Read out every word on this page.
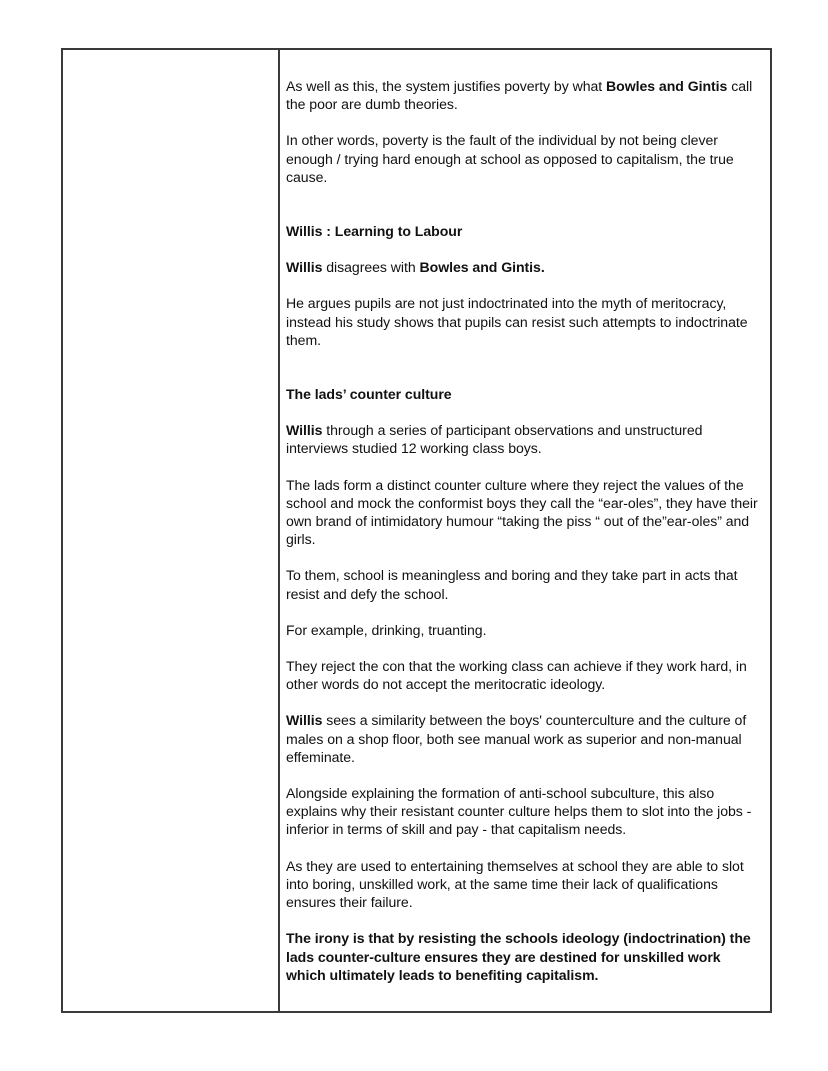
As well as this, the system justifies poverty by what Bowles and Gintis call the poor are dumb theories.

In other words, poverty is the fault of the individual by not being clever enough / trying hard enough at school as opposed to capitalism, the true cause.

Willis : Learning to Labour

Willis disagrees with Bowles and Gintis.

He argues pupils are not just indoctrinated into the myth of meritocracy, instead his study shows that pupils can resist such attempts to indoctrinate them.

The lads’ counter culture

Willis through a series of participant observations and unstructured interviews studied 12 working class boys.

The lads form a distinct counter culture where they reject the values of the school and mock the conformist boys they call the “ear-oles”, they have their own brand of intimidatory humour “taking the piss “ out of the”ear-oles” and girls.

To them, school is meaningless and boring and they take part in acts that resist and defy the school.

For example, drinking, truanting.

They reject the con that the working class can achieve if they work hard, in other words do not accept the meritocratic ideology.

Willis sees a similarity between the boys' counterculture and the culture of males on a shop floor, both see manual work as superior and non-manual effeminate.

Alongside explaining the formation of anti-school subculture, this also explains why their resistant counter culture helps them to slot into the jobs - inferior in terms of skill and pay - that capitalism needs.

As they are used to entertaining themselves at school they are able to slot into boring, unskilled work, at the same time their lack of qualifications ensures their failure.

The irony is that by resisting the schools ideology (indoctrination) the lads counter-culture ensures they are destined for unskilled work which ultimately leads to benefiting capitalism.
